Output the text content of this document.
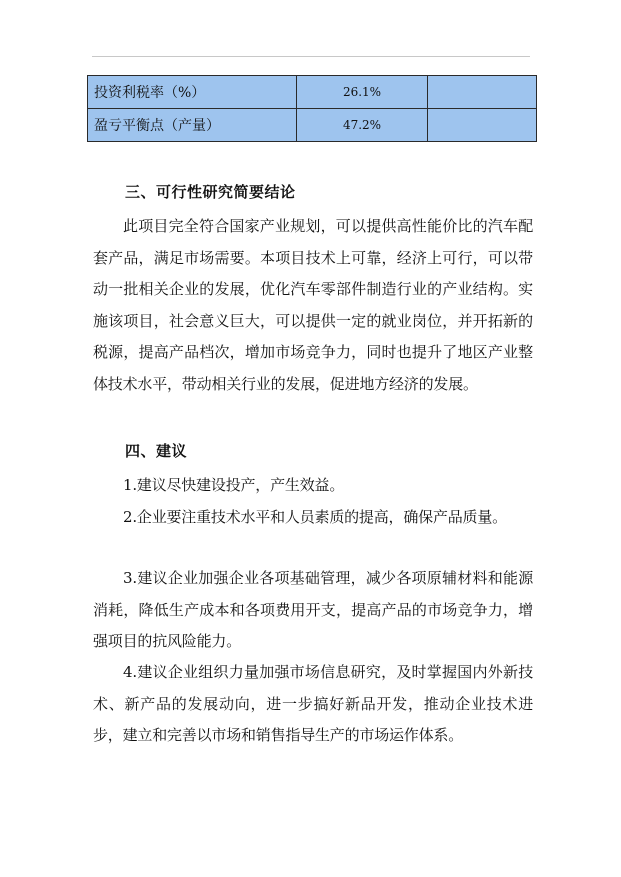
投资利税率（%）	26.1%	
盈亏平衡点（产量）	47.2%	
三、可行性研究简要结论

此项目完全符合国家产业规划，可以提供高性能价比的汽车配套产品，满足市场需要。本项目技术上可靠，经济上可行，可以带动一批相关企业的发展，优化汽车零部件制造行业的产业结构。实施该项目，社会意义巨大，可以提供一定的就业岗位，并开拓新的税源，提高产品档次，增加市场竞争力，同时也提升了地区产业整体技术水平，带动相关行业的发展，促进地方经济的发展。

四、建议

1.建议尽快建设投产，产生效益。

2.企业要注重技术水平和人员素质的提高，确保产品质量。

3.建议企业加强企业各项基础管理，减少各项原辅材料和能源消耗，降低生产成本和各项费用开支，提高产品的市场竞争力，增强项目的抗风险能力。

4.建议企业组织力量加强市场信息研究，及时掌握国内外新技术、新产品的发展动向，进一步搞好新品开发，推动企业技术进步，建立和完善以市场和销售指导生产的市场运作体系。
